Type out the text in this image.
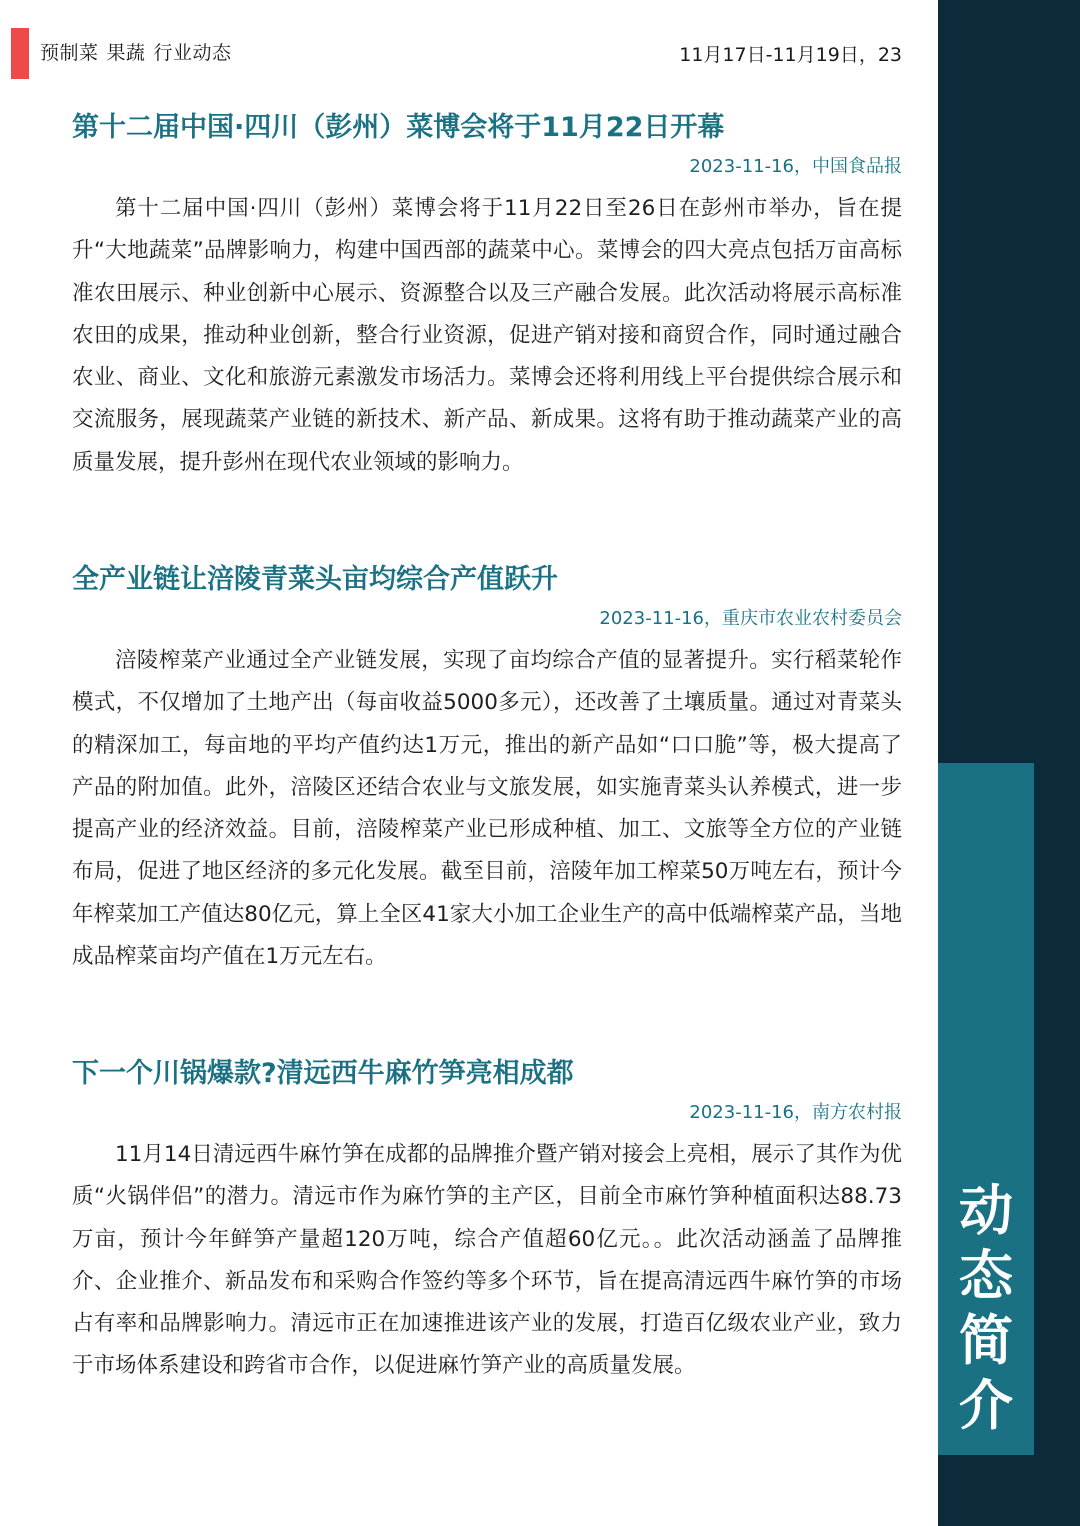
预制菜 果蔬 行业动态	11月17日-11月19日，23
动
态
简
介
第十二届中国·四川（彭州）菜博会将于11月22日开幕
2023-11-16，中国食品报
第十二届中国·四川（彭州）菜博会将于11月22日至26日在彭州市举办，旨在提升“大地蔬菜”品牌影响力，构建中国西部的蔬菜中心。菜博会的四大亮点包括万亩高标准农田展示、种业创新中心展示、资源整合以及三产融合发展。此次活动将展示高标准农田的成果，推动种业创新，整合行业资源，促进产销对接和商贸合作，同时通过融合农业、商业、文化和旅游元素激发市场活力。菜博会还将利用线上平台提供综合展示和交流服务，展现蔬菜产业链的新技术、新产品、新成果。这将有助于推动蔬菜产业的高质量发展，提升彭州在现代农业领域的影响力。
全产业链让涪陵青菜头亩均综合产值跃升
2023-11-16，重庆市农业农村委员会
涪陵榨菜产业通过全产业链发展，实现了亩均综合产值的显著提升。实行稻菜轮作模式，不仅增加了土地产出（每亩收益5000多元），还改善了土壤质量。通过对青菜头的精深加工，每亩地的平均产值约达1万元，推出的新产品如“口口脆”等，极大提高了产品的附加值。此外，涪陵区还结合农业与文旅发展，如实施青菜头认养模式，进一步提高产业的经济效益。目前，涪陵榨菜产业已形成种植、加工、文旅等全方位的产业链布局，促进了地区经济的多元化发展。截至目前，涪陵年加工榨菜50万吨左右，预计今年榨菜加工产值达80亿元，算上全区41家大小加工企业生产的高中低端榨菜产品，当地成品榨菜亩均产值在1万元左右。
下一个川锅爆款?清远西牛麻竹笋亮相成都
2023-11-16，南方农村报
11月14日清远西牛麻竹笋在成都的品牌推介暨产销对接会上亮相，展示了其作为优质“火锅伴侣”的潜力。清远市作为麻竹笋的主产区，目前全市麻竹笋种植面积达88.73万亩，预计今年鲜笋产量超120万吨，综合产值超60亿元。。此次活动涵盖了品牌推介、企业推介、新品发布和采购合作签约等多个环节，旨在提高清远西牛麻竹笋的市场占有率和品牌影响力。清远市正在加速推进该产业的发展，打造百亿级农业产业，致力于市场体系建设和跨省市合作，以促进麻竹笋产业的高质量发展。
